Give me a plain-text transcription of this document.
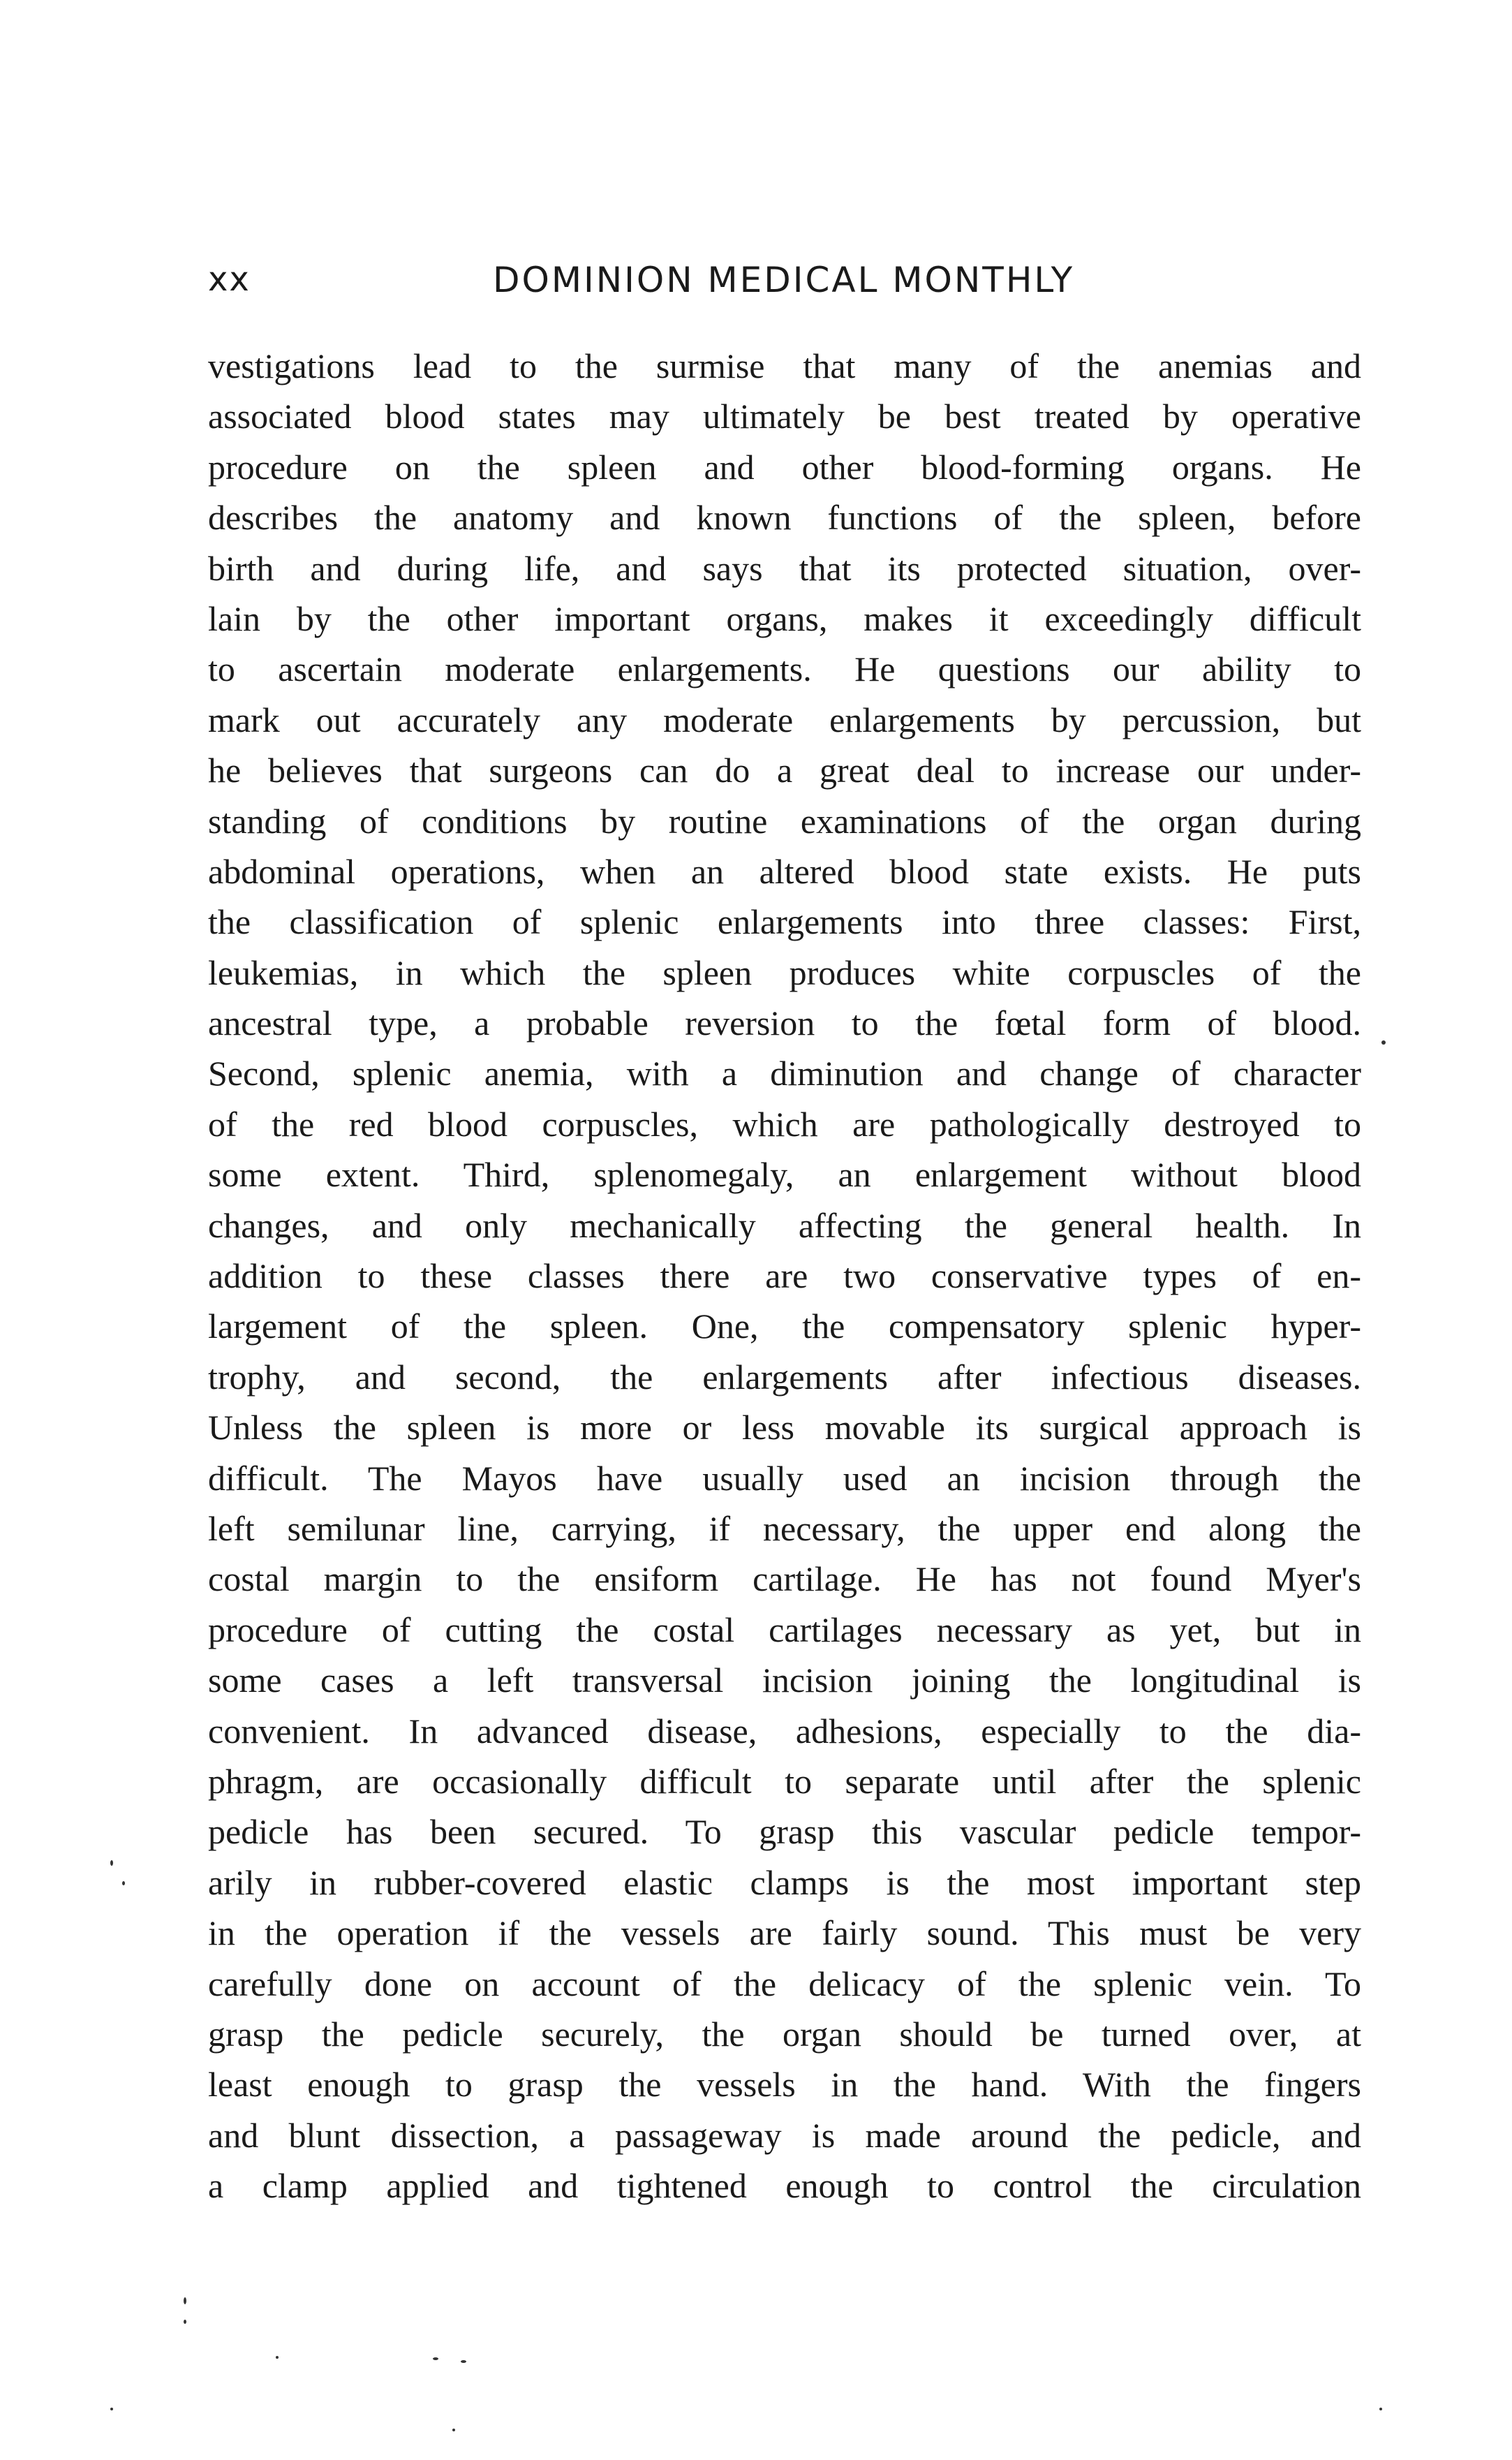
xx	DOMINION MEDICAL MONTHLY
vestigations lead to the surmise that many of the anemias and
associated blood states may ultimately be best treated by operative
procedure on the spleen and other blood-forming organs. He
describes the anatomy and known functions of the spleen, before
birth and during life, and says that its protected situation, over-
lain by the other important organs, makes it exceedingly difficult
to ascertain moderate enlargements. He questions our ability to
mark out accurately any moderate enlargements by percussion, but
he believes that surgeons can do a great deal to increase our under-
standing of conditions by routine examinations of the organ during
abdominal operations, when an altered blood state exists. He puts
the classification of splenic enlargements into three classes: First,
leukemias, in which the spleen produces white corpuscles of the
ancestral type, a probable reversion to the fœtal form of blood.
Second, splenic anemia, with a diminution and change of character
of the red blood corpuscles, which are pathologically destroyed to
some extent. Third, splenomegaly, an enlargement without blood
changes, and only mechanically affecting the general health. In
addition to these classes there are two conservative types of en-
largement of the spleen. One, the compensatory splenic hyper-
trophy, and second, the enlargements after infectious diseases.
Unless the spleen is more or less movable its surgical approach is
difficult. The Mayos have usually used an incision through the
left semilunar line, carrying, if necessary, the upper end along the
costal margin to the ensiform cartilage. He has not found Myer's
procedure of cutting the costal cartilages necessary as yet, but in
some cases a left transversal incision joining the longitudinal is
convenient. In advanced disease, adhesions, especially to the dia-
phragm, are occasionally difficult to separate until after the splenic
pedicle has been secured. To grasp this vascular pedicle tempor-
arily in rubber-covered elastic clamps is the most important step
in the operation if the vessels are fairly sound. This must be very
carefully done on account of the delicacy of the splenic vein. To
grasp the pedicle securely, the organ should be turned over, at
least enough to grasp the vessels in the hand. With the fingers
and blunt dissection, a passageway is made around the pedicle, and
a clamp applied and tightened enough to control the circulation
